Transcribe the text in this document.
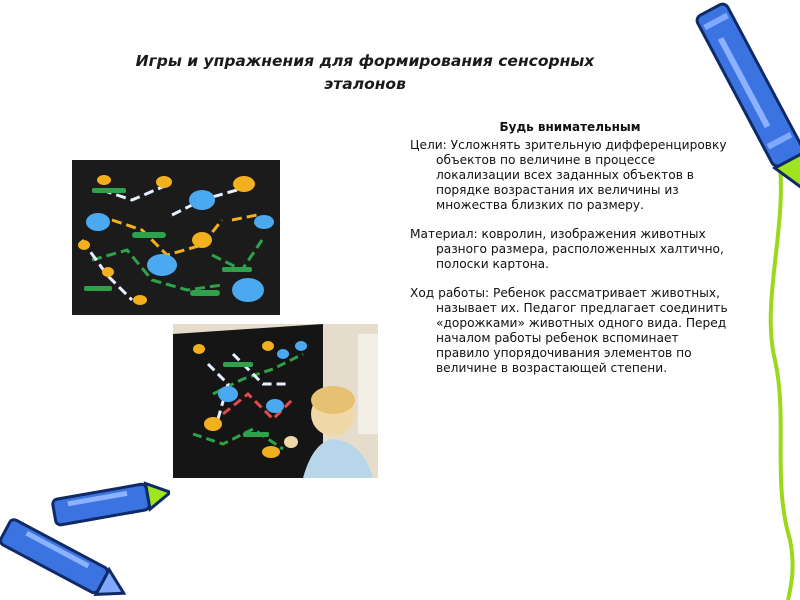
Игры и упражнения для формирования сенсорных эталонов
Будь внимательным

Цели: Усложнять зрительную дифференцировку объектов по величине в процессе локализации всех заданных объектов в порядке возрастания их величины из множества близких по размеру.

Материал: ковролин, изображения животных разного размера, расположенных халтично, полоски картона.

Ход работы: Ребенок рассматривает животных, называет их. Педагог предлагает соединить «дорожками» животных одного вида. Перед началом работы ребенок вспоминает правило упорядочивания элементов по величине в возрастающей степени.
